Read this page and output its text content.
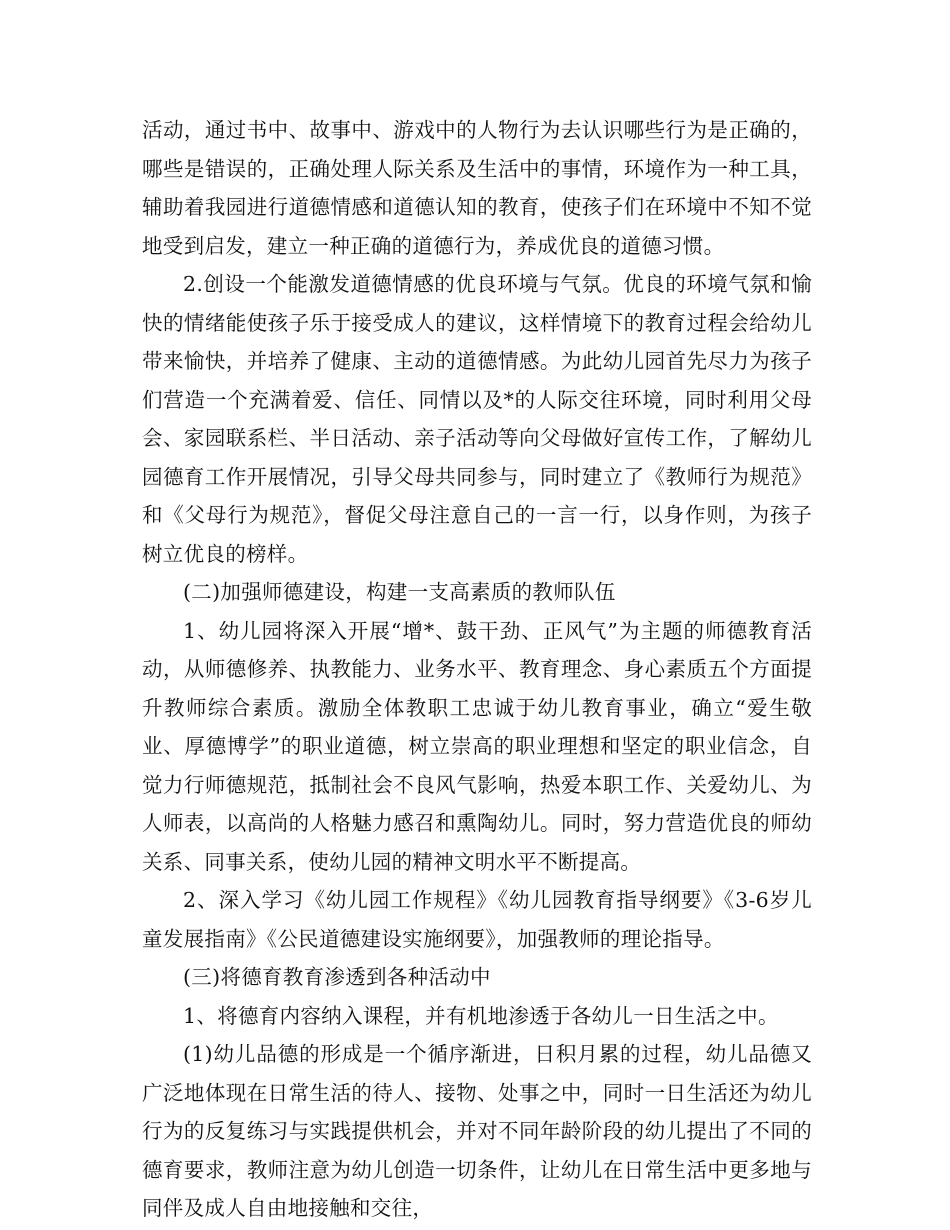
活动，通过书中、故事中、游戏中的人物行为去认识哪些行为是正确的，哪些是错误的，正确处理人际关系及生活中的事情，环境作为一种工具，辅助着我园进行道德情感和道德认知的教育，使孩子们在环境中不知不觉地受到启发，建立一种正确的道德行为，养成优良的道德习惯。

2.创设一个能激发道德情感的优良环境与气氛。优良的环境气氛和愉快的情绪能使孩子乐于接受成人的建议，这样情境下的教育过程会给幼儿带来愉快，并培养了健康、主动的道德情感。为此幼儿园首先尽力为孩子们营造一个充满着爱、信任、同情以及*的人际交往环境，同时利用父母会、家园联系栏、半日活动、亲子活动等向父母做好宣传工作，了解幼儿园德育工作开展情况，引导父母共同参与，同时建立了《教师行为规范》和《父母行为规范》，督促父母注意自己的一言一行，以身作则，为孩子树立优良的榜样。

(二)加强师德建设，构建一支高素质的教师队伍

1、幼儿园将深入开展“增*、鼓干劲、正风气”为主题的师德教育活动，从师德修养、执教能力、业务水平、教育理念、身心素质五个方面提升教师综合素质。激励全体教职工忠诚于幼儿教育事业，确立“爱生敬业、厚德博学”的职业道德，树立崇高的职业理想和坚定的职业信念，自觉力行师德规范，抵制社会不良风气影响，热爱本职工作、关爱幼儿、为人师表，以高尚的人格魅力感召和熏陶幼儿。同时，努力营造优良的师幼关系、同事关系，使幼儿园的精神文明水平不断提高。

2、深入学习《幼儿园工作规程》《幼儿园教育指导纲要》《3-6岁儿童发展指南》《公民道德建设实施纲要》，加强教师的理论指导。

(三)将德育教育渗透到各种活动中

1、将德育内容纳入课程，并有机地渗透于各幼儿一日生活之中。

(1)幼儿品德的形成是一个循序渐进，日积月累的过程，幼儿品德又广泛地体现在日常生活的待人、接物、处事之中，同时一日生活还为幼儿行为的反复练习与实践提供机会，并对不同年龄阶段的幼儿提出了不同的德育要求，教师注意为幼儿创造一切条件，让幼儿在日常生活中更多地与同伴及成人自由地接触和交往，
